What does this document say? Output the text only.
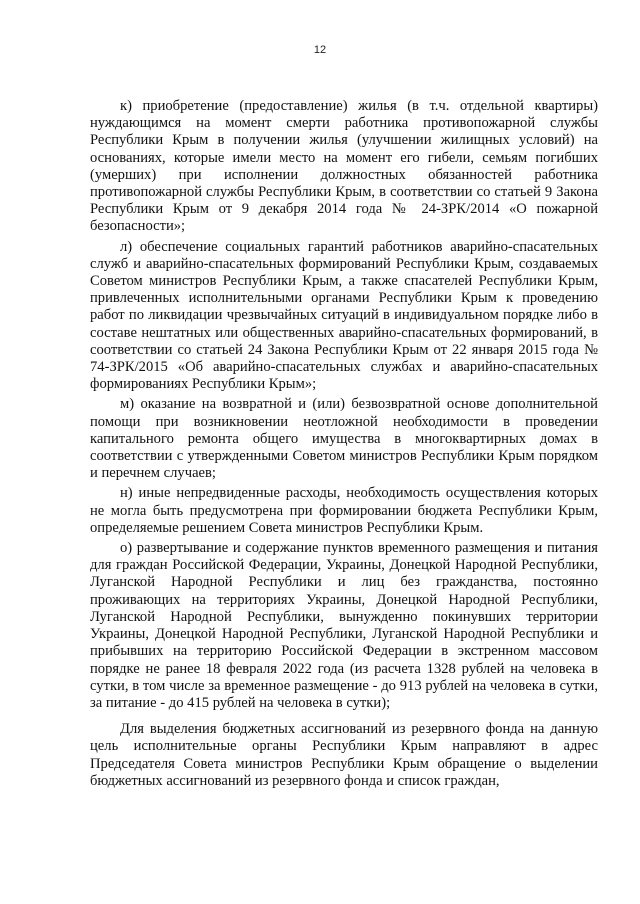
12

к) приобретение (предоставление) жилья (в т.ч. отдельной квартиры) нуждающимся на момент смерти работника противопожарной службы Республики Крым в получении жилья (улучшении жилищных условий) на основаниях, которые имели место на момент его гибели, семьям погибших (умерших) при исполнении должностных обязанностей работника противопожарной службы Республики Крым, в соответствии со статьей 9 Закона Республики Крым от 9 декабря 2014 года № 24-ЗРК/2014 «О пожарной безопасности»;

л) обеспечение социальных гарантий работников аварийно-спасательных служб и аварийно-спасательных формирований Республики Крым, создаваемых Советом министров Республики Крым, а также спасателей Республики Крым, привлеченных исполнительными органами Республики Крым к проведению работ по ликвидации чрезвычайных ситуаций в индивидуальном порядке либо в составе нештатных или общественных аварийно-спасательных формирований, в соответствии со статьей 24 Закона Республики Крым от 22 января 2015 года № 74-ЗРК/2015 «Об аварийно-спасательных службах и аварийно-спасательных формированиях Республики Крым»;

м) оказание на возвратной и (или) безвозвратной основе дополнительной помощи при возникновении неотложной необходимости в проведении капитального ремонта общего имущества в многоквартирных домах в соответствии с утвержденными Советом министров Республики Крым порядком и перечнем случаев;

н) иные непредвиденные расходы, необходимость осуществления которых не могла быть предусмотрена при формировании бюджета Республики Крым, определяемые решением Совета министров Республики Крым.

о) развертывание и содержание пунктов временного размещения и питания для граждан Российской Федерации, Украины, Донецкой Народной Республики, Луганской Народной Республики и лиц без гражданства, постоянно проживающих на территориях Украины, Донецкой Народной Республики, Луганской Народной Республики, вынужденно покинувших территории Украины, Донецкой Народной Республики, Луганской Народной Республики и прибывших на территорию Российской Федерации в экстренном массовом порядке не ранее 18 февраля 2022 года (из расчета 1328 рублей на человека в сутки, в том числе за временное размещение - до 913 рублей на человека в сутки, за питание - до 415 рублей на человека в сутки);

Для выделения бюджетных ассигнований из резервного фонда на данную цель исполнительные органы Республики Крым направляют в адрес Председателя Совета министров Республики Крым обращение о выделении бюджетных ассигнований из резервного фонда и список граждан,
